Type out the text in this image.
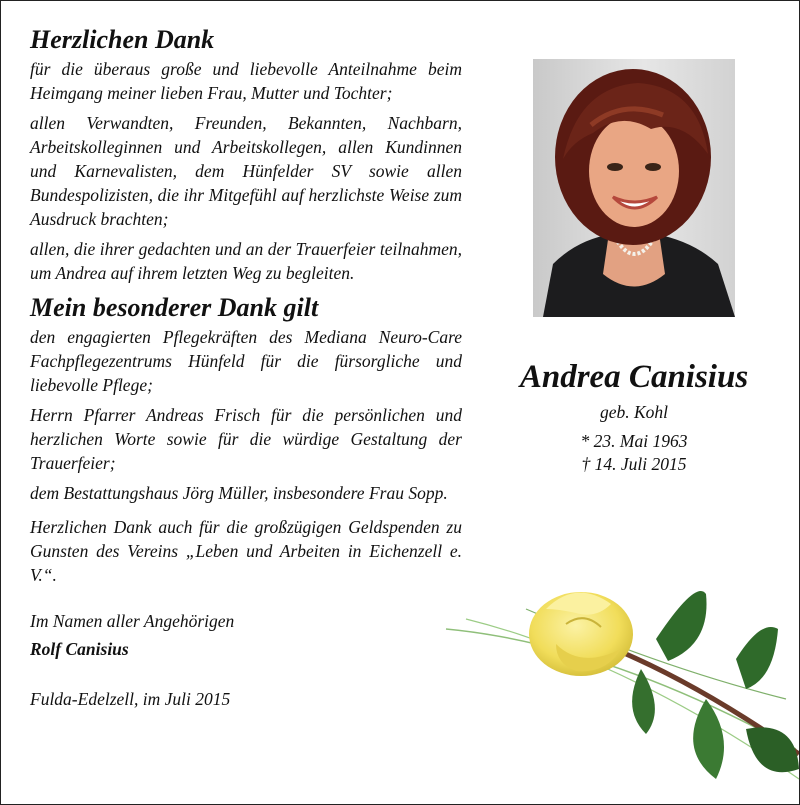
Herzlichen Dank

für die überaus große und liebevolle Anteilnahme beim Heimgang meiner lieben Frau, Mutter und Tochter;

allen Verwandten, Freunden, Bekannten, Nachbarn, Arbeitskolleginnen und Arbeitskollegen, allen Kundinnen und Karnevalisten, dem Hünfelder SV sowie allen Bundespolizisten, die ihr Mitgefühl auf herzlichste Weise zum Ausdruck brachten;

allen, die ihrer gedachten und an der Trauerfeier teilnahmen, um Andrea auf ihrem letzten Weg zu begleiten.

Mein besonderer Dank gilt

den engagierten Pflegekräften des Mediana Neuro-Care Fachpflegezentrums Hünfeld für die fürsorgliche und liebevolle Pflege;

Herrn Pfarrer Andreas Frisch für die persönlichen und herzlichen Worte sowie für die würdige Gestaltung der Trauerfeier;

dem Bestattungshaus Jörg Müller, insbesondere Frau Sopp.

Herzlichen Dank auch für die großzügigen Geldspenden zu Gunsten des Vereins „Leben und Arbeiten in Eichenzell e. V.“.

Im Namen aller Angehörigen

Rolf Canisius

Fulda-Edelzell, im Juli 2015

Andrea Canisius

geb. Kohl

* 23. Mai 1963

† 14. Juli 2015
